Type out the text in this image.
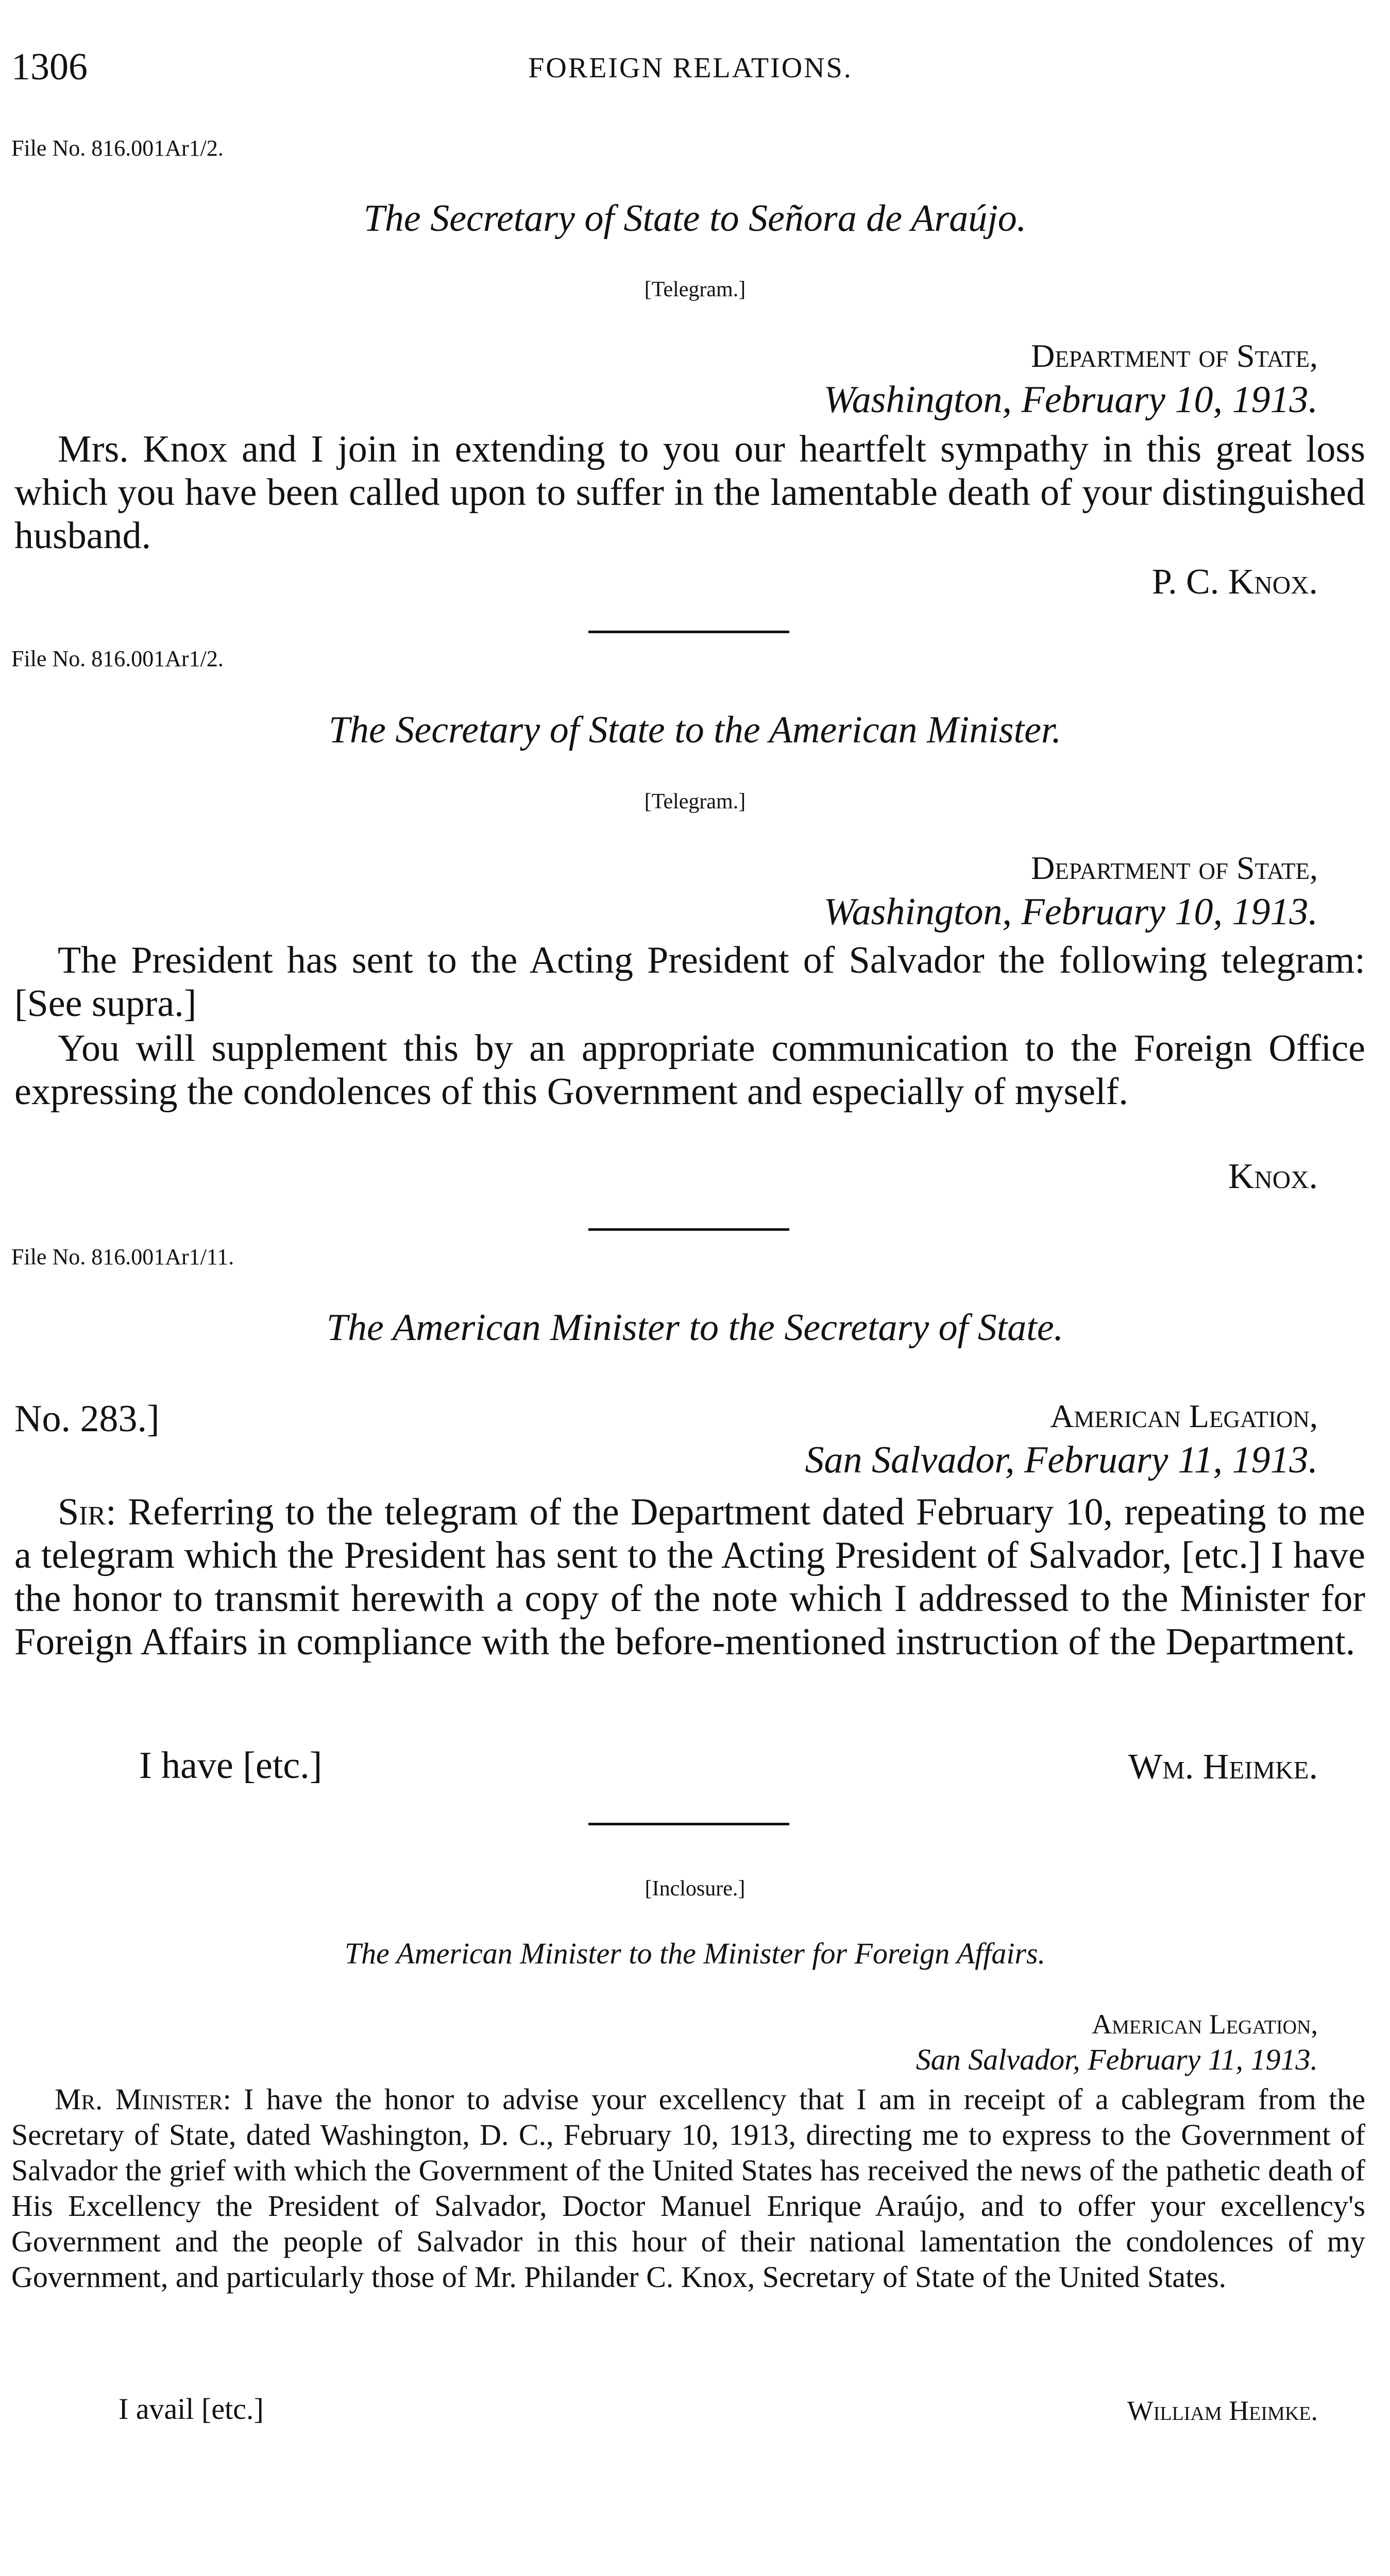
1306	FOREIGN RELATIONS.
File No. 816.001Ar1/2.
The Secretary of State to Señora de Araújo.
[Telegram.]
Department of State,
Washington, February 10, 1913.

Mrs. Knox and I join in extending to you our heartfelt sympathy in this great loss which you have been called upon to suffer in the lamentable death of your distinguished husband.

P. C. Knox.
File No. 816.001Ar1/2.
The Secretary of State to the American Minister.
[Telegram.]
Department of State,
Washington, February 10, 1913.

The President has sent to the Acting President of Salvador the following telegram: [See supra.]

You will supplement this by an appropriate communication to the Foreign Office expressing the condolences of this Government and especially of myself.

Knox.
File No. 816.001Ar1/11.
The American Minister to the Secretary of State.
No. 283.]	American Legation,
San Salvador, February 11, 1913.

Sir: Referring to the telegram of the Department dated February 10, repeating to me a telegram which the President has sent to the Acting President of Salvador, [etc.] I have the honor to transmit herewith a copy of the note which I addressed to the Minister for Foreign Affairs in compliance with the before-mentioned instruction of the Department.

I have [etc.]	Wm. Heimke.
[Inclosure.]
The American Minister to the Minister for Foreign Affairs.
American Legation,
San Salvador, February 11, 1913.

Mr. Minister: I have the honor to advise your excellency that I am in receipt of a cablegram from the Secretary of State, dated Washington, D. C., February 10, 1913, directing me to express to the Government of Salvador the grief with which the Government of the United States has received the news of the pathetic death of His Excellency the President of Salvador, Doctor Manuel Enrique Araújo, and to offer your excellency's Government and the people of Salvador in this hour of their national lamentation the condolences of my Government, and particularly those of Mr. Philander C. Knox, Secretary of State of the United States.

I avail [etc.]	William Heimke.
